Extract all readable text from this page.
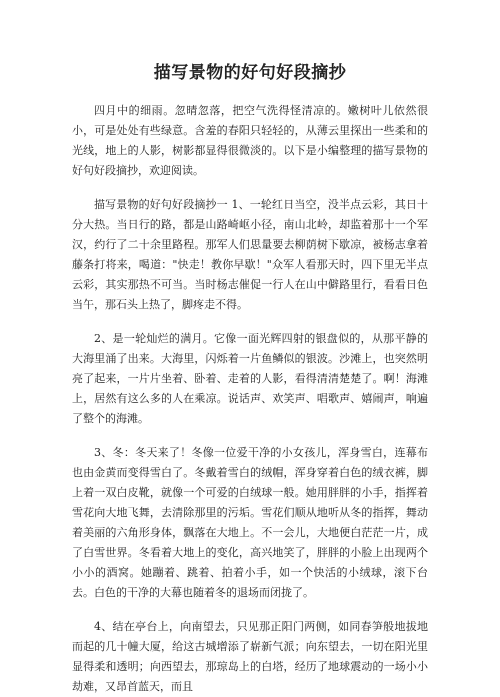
描写景物的好句好段摘抄

四月中的细雨。忽晴忽落，把空气洗得怪清凉的。嫩树叶儿依然很小，可是处处有些绿意。含羞的春阳只轻轻的，从薄云里探出一些柔和的光线，地上的人影，树影都显得很微淡的。以下是小编整理的描写景物的好句好段摘抄，欢迎阅读。

描写景物的好句好段摘抄一 1、一轮红日当空，没半点云彩，其日十分大热。当日行的路，都是山路崎岖小径，南山北岭，却监着那十一个军汉，约行了二十余里路程。那军人们思量要去柳荫树下歇凉，被杨志拿着藤条打将来，喝道："快走！教你早歇！"众军人看那天时，四下里无半点云彩，其实那热不可当。当时杨志催促一行人在山中僻路里行，看看日色当午，那石头上热了，脚疼走不得。

2、是一轮灿烂的满月。它像一面光辉四射的银盘似的，从那平静的大海里涌了出来。大海里，闪烁着一片鱼鳞似的银波。沙滩上，也突然明亮了起来，一片片坐着、卧着、走着的人影，看得清清楚楚了。啊！海滩上，居然有这么多的人在乘凉。说话声、欢笑声、唱歌声、嬉闹声，响遍了整个的海滩。

3、冬：冬天来了！冬像一位爱干净的小女孩儿，浑身雪白，连幕布也由金黄而变得雪白了。冬戴着雪白的绒帽，浑身穿着白色的绒衣裤，脚上着一双白皮靴，就像一个可爱的白绒球一般。她用胖胖的小手，指挥着雪花向大地飞舞，去清除那里的污垢。雪花们顺从地听从冬的指挥，舞动着美丽的六角形身体，飘落在大地上。不一会儿，大地便白茫茫一片，成了白雪世界。冬看着大地上的变化，高兴地笑了，胖胖的小脸上出现两个小小的酒窝。她蹦着、跳着、拍着小手，如一个快活的小绒球，滚下台去。白色的干净的大幕也随着冬的退场而闭拢了。

4、结在亭台上，向南望去，只见那正阳门两侧，如同春笋般地拔地而起的几十幢大厦，给这古城增添了崭新气派；向东望去，一切在阳光里显得柔和透明；向西望去，那琼岛上的白塔，经历了地球震动的一场小小劫难，又昂首蓝天，而且
